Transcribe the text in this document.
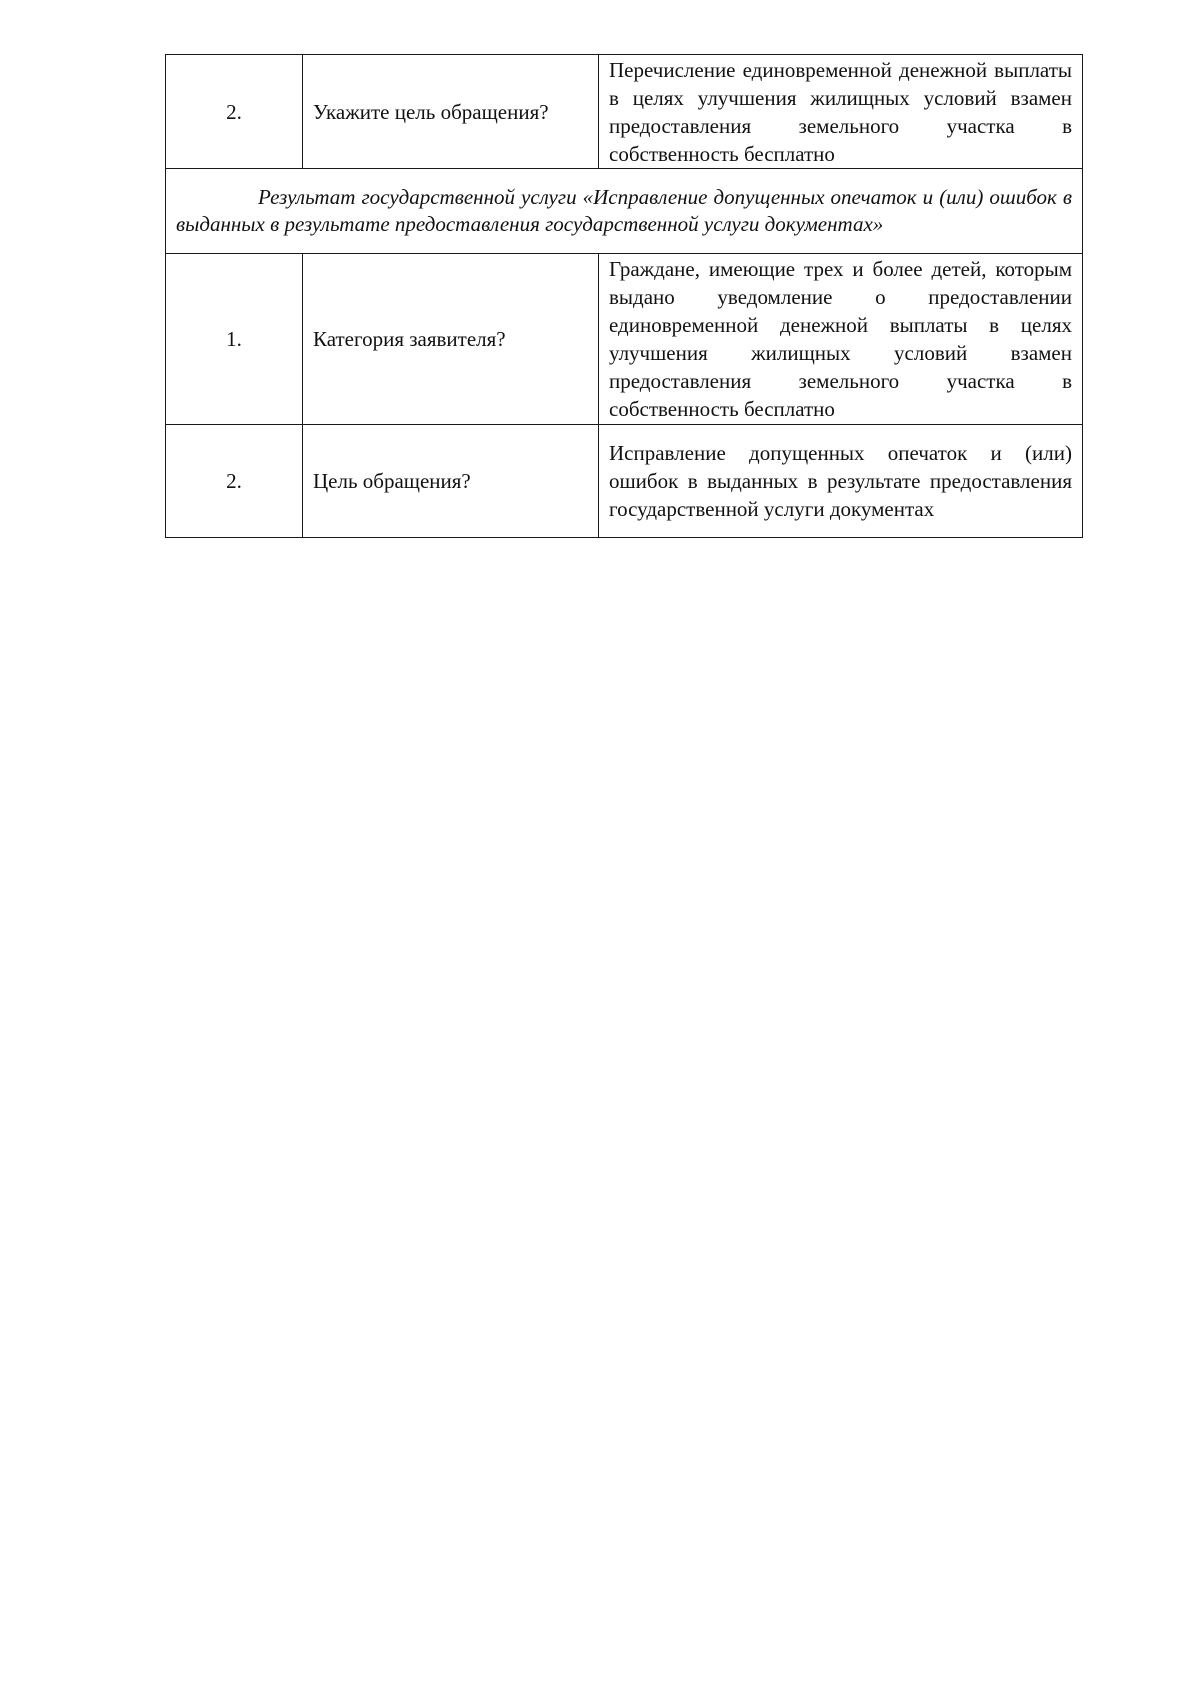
2.	Укажите цель обращения?	Перечисление единовременной денежной выплаты в целях улучшения жилищных условий взамен предоставления земельного участка в собственность бесплатно
Результат государственной услуги «Исправление допущенных опечаток и (или) ошибок в выданных в результате предоставления государственной услуги документах»		
1.	Категория заявителя?	Граждане, имеющие трех и более детей, которым выдано уведомление о предоставлении единовременной денежной выплаты в целях улучшения жилищных условий взамен предоставления земельного участка в собственность бесплатно
2.	Цель обращения?	Исправление допущенных опечаток и (или) ошибок в выданных в результате предоставления государственной услуги документах
